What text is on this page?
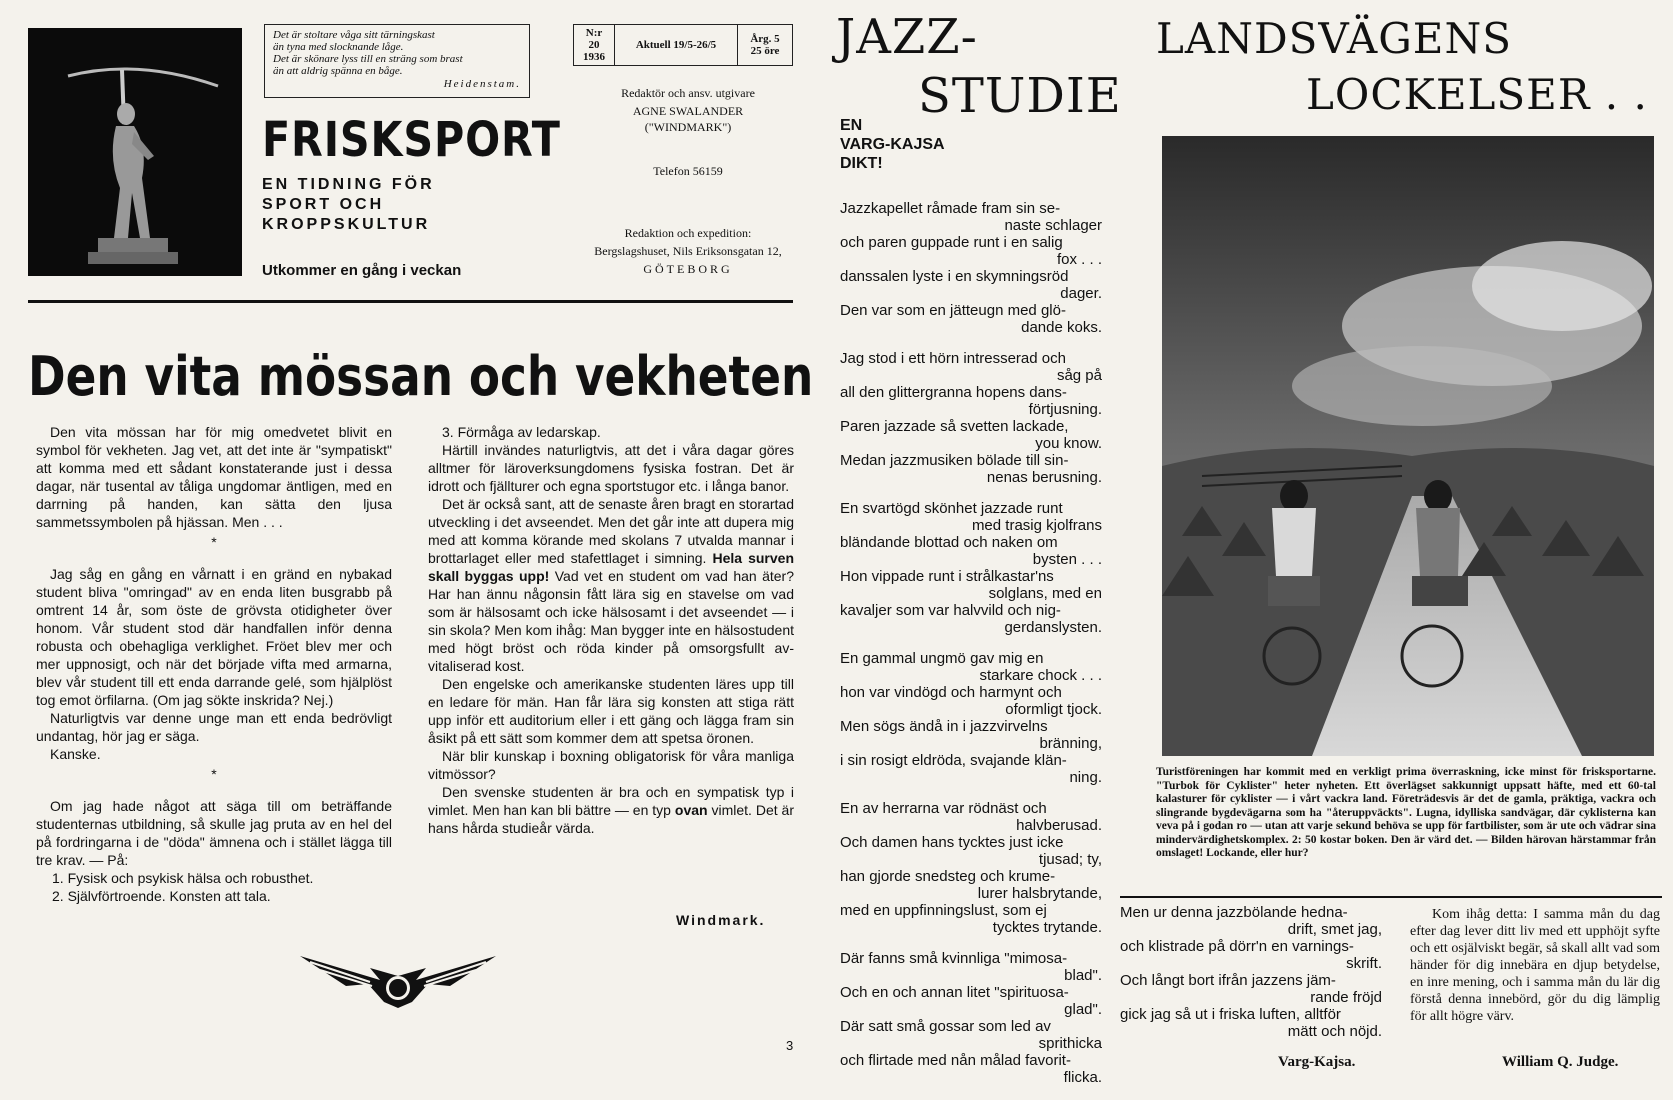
Det är stoltare våga sitt tärningskast
än tyna med slocknande låge.
Det är skönare lyss till en sträng som brast
än att aldrig spänna en båge.
Heidenstam.
N:r
20
1936
Aktuell 19/5-26/5	Årg. 5
25 öre
FRISKSPORT
EN TIDNING FÖR
SPORT OCH
KROPPSKULTUR
Utkommer en gång i veckan
Redaktör och ansv. utgivare
AGNE SWALANDER
("WINDMARK")
Telefon 56159
Redaktion och expedition:
Bergslagshuset, Nils Eriksonsgatan 12,
GÖTEBORG
Den vita mössan och vekheten

Den vita mössan har för mig omedvetet blivit en symbol för vekheten. Jag vet, att det inte är "sympatiskt" att komma med ett sådant konstaterande just i dessa dagar, när tusental av tåliga ungdomar äntligen, med en darrning på handen, kan sätta den ljusa sammetssymbolen på hjässan. Men . . .

*

Jag såg en gång en vårnatt i en gränd en nybakad student bliva "omringad" av en enda liten busgrabb på omtrent 14 år, som öste de grövsta otidigheter över honom. Vår student stod där handfallen inför denna robusta och obehagliga verklighet. Fröet blev mer och mer uppnosigt, och när det började vifta med armarna, blev vår student till ett enda darrande gelé, som hjälplöst tog emot örfilarna. (Om jag sökte inskrida? Nej.)

Naturligtvis var denne unge man ett enda bedrövligt undantag, hör jag er säga.

Kanske.

*

Om jag hade något att säga till om beträffande studenternas utbildning, så skulle jag pruta av en hel del på fordringarna i de "döda" ämnena och i stället lägga till tre krav. — På:

1. Fysisk och psykisk hälsa och robusthet.

2. Självförtroende. Konsten att tala.

3. Förmåga av ledarskap.

Härtill invändes naturligtvis, att det i våra dagar göres alltmer för läroverksungdomens fysiska fostran. Det är idrott och fjällturer och egna sportstugor etc. i långa banor.

Det är också sant, att de senaste åren bragt en storartad utveckling i det avseendet. Men det går inte att dupera mig med att komma körande med skolans 7 utvalda mannar i brottarlaget eller med stafettlaget i simning. Hela surven skall byggas upp! Vad vet en student om vad han äter? Har han ännu någonsin fått lära sig en stavelse om vad som är hälsosamt och icke hälsosamt i det avseendet — i sin skola? Men kom ihåg: Man bygger inte en hälsostudent med högt bröst och röda kinder på omsorgsfullt av-vitaliserad kost.

Den engelske och amerikanske studenten läres upp till en ledare för män. Han får lära sig konsten att stiga rätt upp inför ett auditorium eller i ett gäng och lägga fram sin åsikt på ett sätt som kommer dem att spetsa öronen.

När blir kunskap i boxning obligatorisk för våra manliga vitmössor?

Den svenske studenten är bra och en sympatisk typ i vimlet. Men han kan bli bättre — en typ ovan vimlet. Det är hans hårda studieår värda.

Windmark.
3
JAZZ-
STUDIE
EN
VARG-KAJSA
DIKT!
Jazzkapellet råmade fram sin se-
naste schlager
och paren guppade runt i en salig
fox . . .
danssalen lyste i en skymningsröd
dager.
Den var som en jätteugn med glö-
dande koks.
Jag stod i ett hörn intresserad och
såg på
all den glittergranna hopens dans-
förtjusning.
Paren jazzade så svetten lackade,
you know.
Medan jazzmusiken bölade till sin-
nenas berusning.
En svartögd skönhet jazzade runt
med trasig kjolfrans
bländande blottad och naken om
bysten . . .
Hon vippade runt i strålkastar'ns
solglans, med en
kavaljer som var halvvild och nig-
gerdanslysten.
En gammal ungmö gav mig en
starkare chock . . .
hon var vindögd och harmynt och
oformligt tjock.
Men sögs ändå in i jazzvirvelns
bränning,
i sin rosigt eldröda, svajande klän-
ning.
En av herrarna var rödnäst och
halvberusad.
Och damen hans tycktes just icke
tjusad; ty,
han gjorde snedsteg och krume-
lurer halsbrytande,
med en uppfinningslust, som ej
tycktes trytande.
Där fanns små kvinnliga "mimosa-
blad".
Och en och annan litet "spirituosa-
glad".
Där satt små gossar som led av
sprithicka
och flirtade med nån målad favorit-
flicka.
Men ur denna jazzbölande hedna-
drift, smet jag,
och klistrade på dörr'n en varnings-
skrift.
Och långt bort ifrån jazzens jäm-
rande fröjd
gick jag så ut i friska luften, alltför
mätt och nöjd.
Varg-Kajsa.
LANDSVÄGENS
LOCKELSER . .
Turistföreningen har kommit med en verkligt prima överraskning, icke minst för frisksportarne. "Turbok för Cyklister" heter nyheten. Ett överlägset sakkunnigt uppsatt häfte, med ett 60-tal kalasturer för cyklister — i vårt vackra land. Företrädesvis är det de gamla, präktiga, vackra och slingrande bygdevägarna som ha "återuppväckts". Lugna, idylliska sandvägar, där cyklisterna kan veva på i godan ro — utan att varje sekund behöva se upp för fartbilister, som är ute och vädrar sina mindervärdighetskomplex. 2: 50 kostar boken. Den är värd det. — Bilden härovan härstammar från omslaget! Lockande, eller hur?

Kom ihåg detta: I samma mån du dag efter dag lever ditt liv med ett upphöjt syfte och ett osjälviskt begär, så skall allt vad som händer för dig innebära en djup betydelse, en inre mening, och i samma mån du lär dig förstå denna innebörd, gör du dig lämplig för allt högre värv.

William Q. Judge.
